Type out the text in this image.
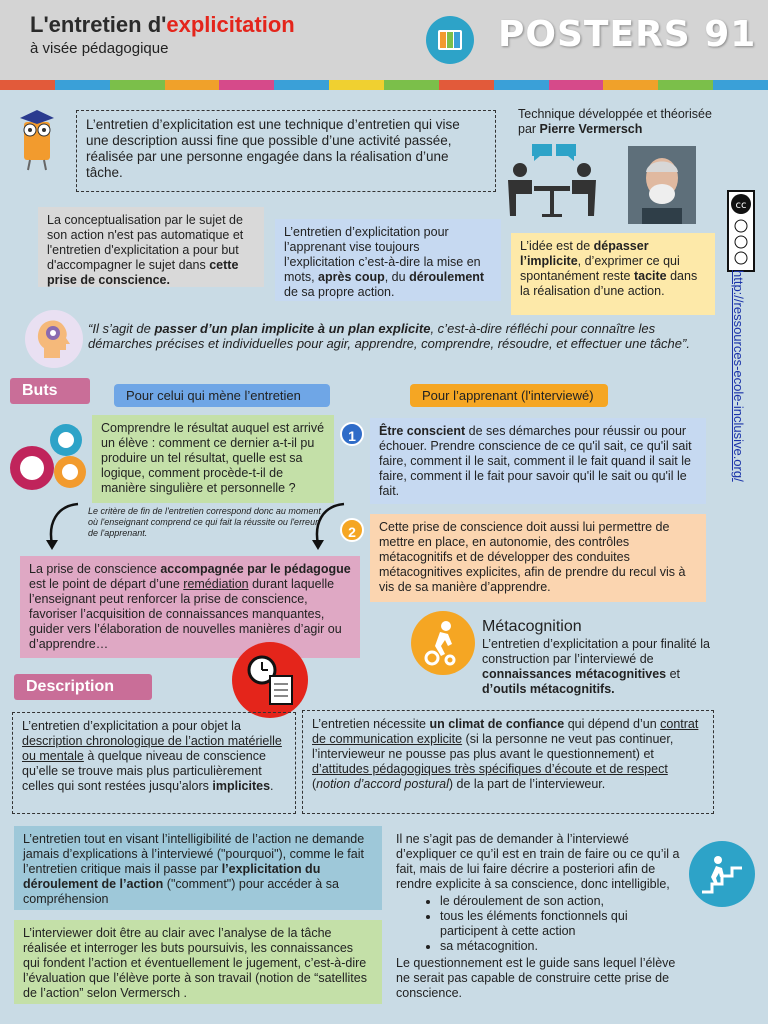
L'entretien d'explicitation
à visée pédagogique	POSTERS 91
L’entretien d’explicitation est une technique d’entretien qui vise une description aussi fine que possible d’une activité passée, réalisée par une personne engagée dans la réalisation d’une tâche.
Technique développée et théorisée par Pierre Vermersch
La conceptualisation par le sujet de son action n'est pas automatique et l'entretien d'explicitation a pour but d'accompagner le sujet dans cette prise de conscience.
L’entretien d’explicitation pour l’apprenant vise toujours l’explicitation c’est-à-dire la mise en mots, après coup, du déroulement de sa propre action.
L’idée est de dépasser l’implicite, d’exprimer ce qui spontanément reste tacite dans la réalisation d’une action.
cc
http://ressources-ecole-inclusive.org/
“Il s’agit de passer d’un plan implicite à un plan explicite, c’est-à-dire réfléchi pour connaître les démarches précises et individuelles pour agir, apprendre, comprendre, résoudre, et effectuer une tâche”.
Buts	Pour celui qui mène l’entretien	Pour l’apprenant (l'interviewé)
Comprendre le résultat auquel est arrivé un élève : comment ce dernier a-t-il pu produire un tel résultat, quelle est sa logique, comment procède-t-il de manière singulière et personnelle ?
Le critère de fin de l'entretien correspond donc au moment où l'enseignant comprend ce qui fait la réussite ou l'erreur de l'apprenant.
1	Être conscient de ses démarches pour réussir ou pour échouer. Prendre conscience de ce qu'il sait, ce qu'il sait faire, comment il le sait, comment il le fait quand il sait le faire, comment il le fait pour savoir qu'il le sait ou qu'il le fait.
2	Cette prise de conscience doit aussi lui permettre de mettre en place, en autonomie, des contrôles métacognitifs et de développer des conduites métacognitives explicites, afin de prendre du recul vis à vis de sa manière d’apprendre.
La prise de conscience accompagnée par le pédagogue est le point de départ d’une remédiation durant laquelle l’enseignant peut renforcer la prise de conscience, favoriser l’acquisition de connaissances manquantes, guider vers l’élaboration de nouvelles manières d’agir ou d’apprendre…
Métacognition
L’entretien d’explicitation a pour finalité la construction par l’interviewé de connaissances métacognitives et d’outils métacognitifs.
Description
L’entretien d’explicitation a pour objet la description chronologique de l’action matérielle ou mentale à quelque niveau de conscience qu’elle se trouve mais plus particulièrement celles qui sont restées jusqu’alors implicites.
L’entretien nécessite un climat de confiance qui dépend d’un contrat de communication explicite (si la personne ne veut pas continuer, l’intervieweur ne pousse pas plus avant le questionnement) et d’attitudes pédagogiques très spécifiques d’écoute et de respect (notion d’accord postural) de la part de l’intervieweur.
L’entretien tout en visant l’intelligibilité de l’action ne demande jamais d’explications à l’interviewé ("pourquoi"), comme le fait l’entretien critique mais il passe par l’explicitation du déroulement de l’action ("comment") pour accéder à sa compréhension
L’interviewer doit être au clair avec l’analyse de la tâche réalisée et interroger les buts poursuivis, les connaissances qui fondent l’action et éventuellement le jugement, c’est-à-dire l’évaluation que l’élève porte à son travail (notion de “satellites de l’action” selon Vermersch .
Il ne s’agit pas de demander à l’interviewé d’expliquer ce qu’il est en train de faire ou ce qu’il a fait, mais de lui faire décrire a posteriori afin de rendre explicite à sa conscience, donc intelligible,
• le déroulement de son action,
• tous les éléments fonctionnels qui participent à cette action
• sa métacognition.
Le questionnement est le guide sans lequel l’élève ne serait pas capable de construire cette prise de conscience.
